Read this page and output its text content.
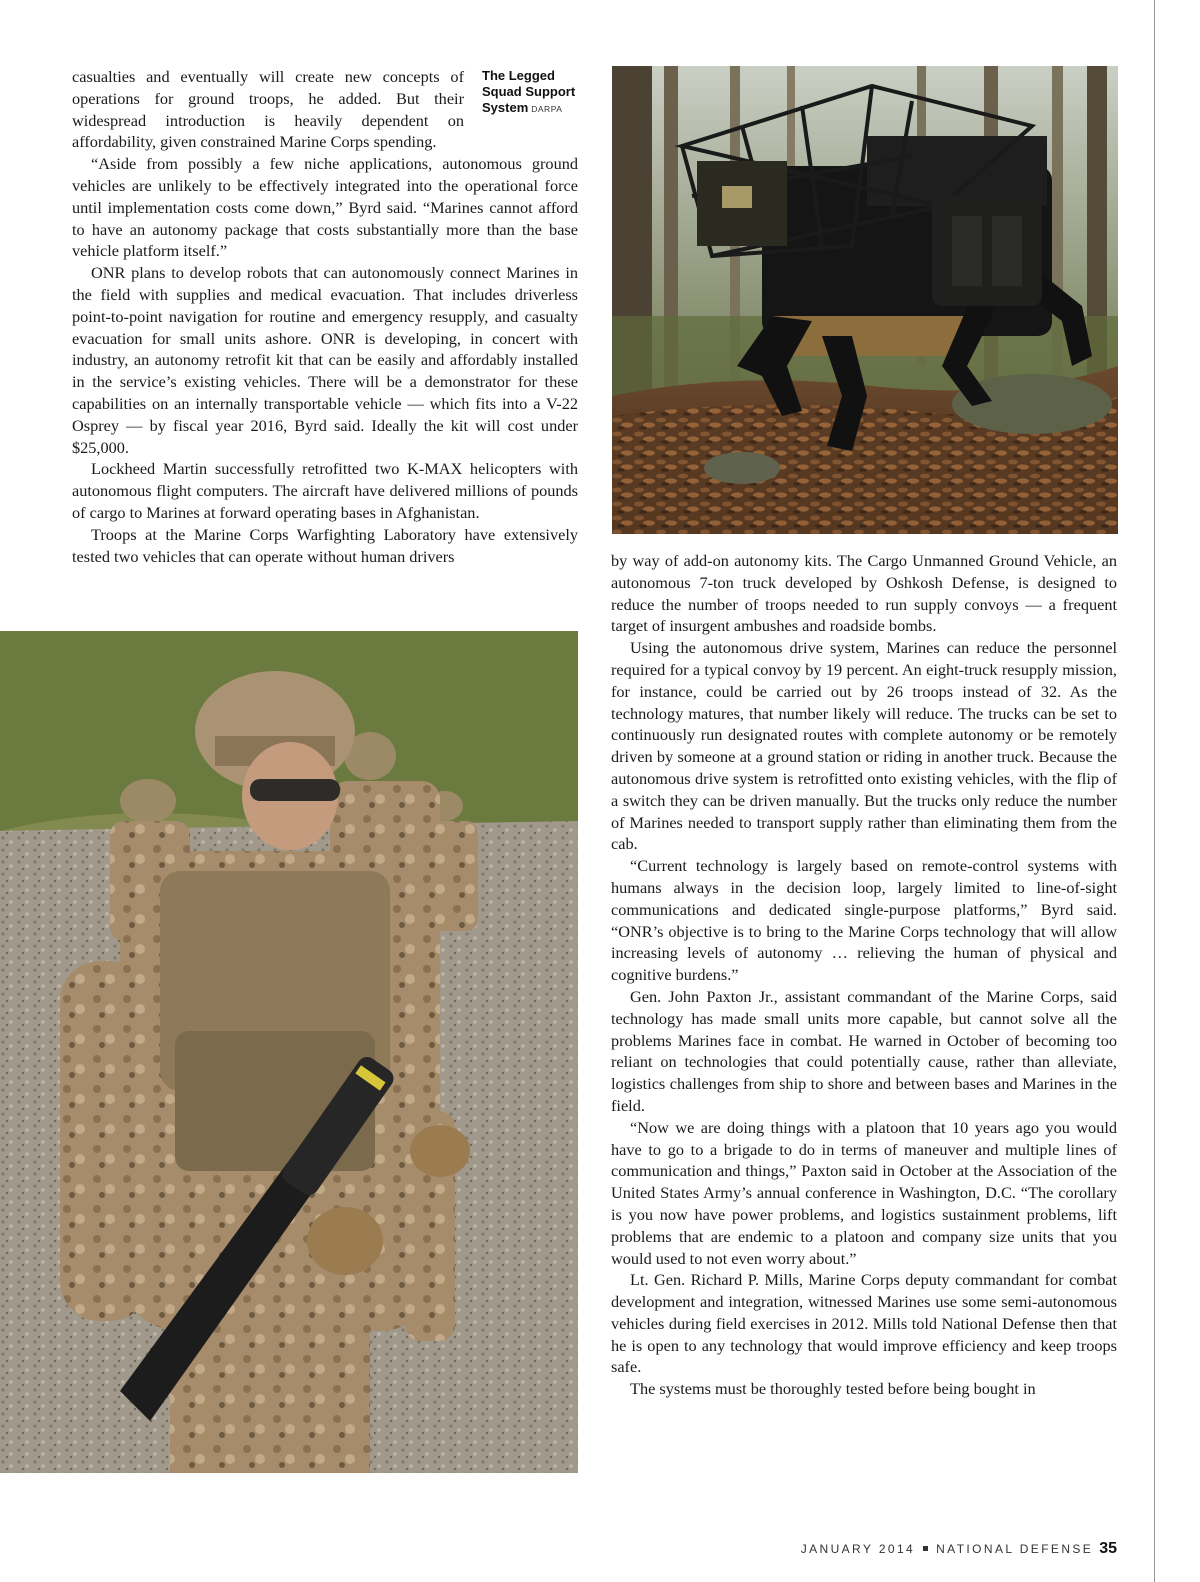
The Legged Squad Support System DARPA

casualties and eventually will create new concepts of operations for ground troops, he added. But their widespread introduction is heavily dependent on affordability, given constrained Marine Corps spending.

“Aside from possibly a few niche applications, autonomous ground vehicles are unlikely to be effectively integrated into the operational force until implementation costs come down,” Byrd said. “Marines cannot afford to have an autonomy package that costs substantially more than the base vehicle platform itself.”

ONR plans to develop robots that can autonomously connect Marines in the field with supplies and medical evacuation. That includes driverless point-to-point navigation for routine and emergency resupply, and casualty evacuation for small units ashore. ONR is developing, in concert with industry, an autonomy retrofit kit that can be easily and affordably installed in the service’s existing vehicles. There will be a demonstrator for these capabilities on an internally transportable vehicle — which fits into a V-22 Osprey — by fiscal year 2016, Byrd said. Ideally the kit will cost under $25,000.

Lockheed Martin successfully retrofitted two K-MAX helicopters with autonomous flight computers. The aircraft have delivered millions of pounds of cargo to Marines at forward operating bases in Afghanistan.

Troops at the Marine Corps Warfighting Laboratory have extensively tested two vehicles that can operate without human drivers	by way of add-on autonomy kits. The Cargo Unmanned Ground Vehicle, an autonomous 7-ton truck developed by Oshkosh Defense, is designed to reduce the number of troops needed to run supply convoys — a frequent target of insurgent ambushes and roadside bombs.

Using the autonomous drive system, Marines can reduce the personnel required for a typical convoy by 19 percent. An eight-truck resupply mission, for instance, could be carried out by 26 troops instead of 32. As the technology matures, that number likely will reduce. The trucks can be set to continuously run designated routes with complete autonomy or be remotely driven by someone at a ground station or riding in another truck. Because the autonomous drive system is retrofitted onto existing vehicles, with the flip of a switch they can be driven manually. But the trucks only reduce the number of Marines needed to transport supply rather than eliminating them from the cab.

“Current technology is largely based on remote-control systems with humans always in the decision loop, largely limited to line-of-sight communications and dedicated single-purpose platforms,” Byrd said. “ONR’s objective is to bring to the Marine Corps technology that will allow increasing levels of autonomy … relieving the human of physical and cognitive burdens.”

Gen. John Paxton Jr., assistant commandant of the Marine Corps, said technology has made small units more capable, but cannot solve all the problems Marines face in combat. He warned in October of becoming too reliant on technologies that could potentially cause, rather than alleviate, logistics challenges from ship to shore and between bases and Marines in the field.

“Now we are doing things with a platoon that 10 years ago you would have to go to a brigade to do in terms of maneuver and multiple lines of communication and things,” Paxton said in October at the Association of the United States Army’s annual conference in Washington, D.C. “The corollary is you now have power problems, and logistics sustainment problems, lift problems that are endemic to a platoon and company size units that you would used to not even worry about.”

Lt. Gen. Richard P. Mills, Marine Corps deputy commandant for combat development and integration, witnessed Marines use some semi-autonomous vehicles during field exercises in 2012. Mills told National Defense then that he is open to any technology that would improve efficiency and keep troops safe.

The systems must be thoroughly tested before being bought in

JANUARY 2014 NATIONAL DEFENSE 35
